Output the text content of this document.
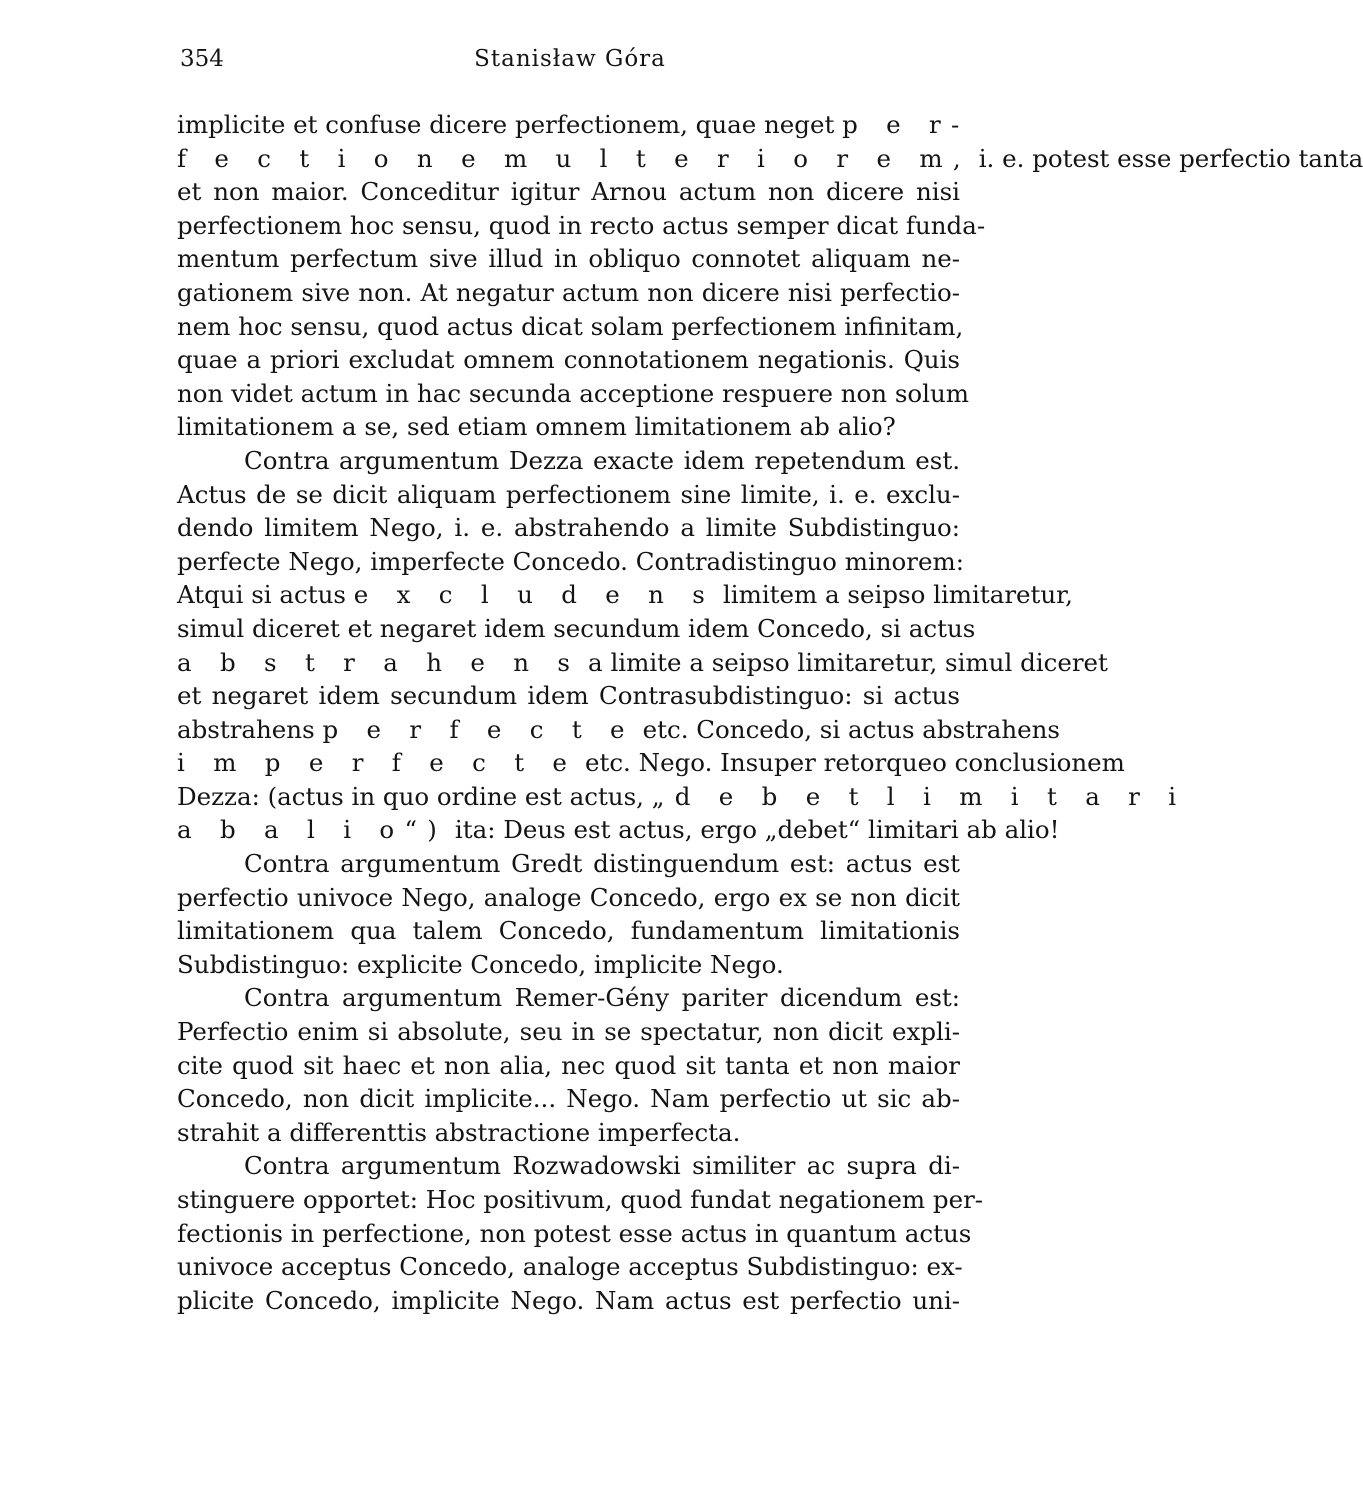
354	Stanisław Góra
implicite et confuse dicere perfectionem, quae neget p e r-
f e c t i o n e m u l t e r i o r e m, i. e. potest esse perfectio tanta
et non maior. Conceditur igitur Arnou actum non dicere nisi
perfectionem hoc sensu, quod in recto actus semper dicat funda-
mentum perfectum sive illud in obliquo connotet aliquam ne-
gationem sive non. At negatur actum non dicere nisi perfectio-
nem hoc sensu, quod actus dicat solam perfectionem infinitam,
quae a priori excludat omnem connotationem negationis. Quis
non videt actum in hac secunda acceptione respuere non solum
limitationem a se, sed etiam omnem limitationem ab alio?
Contra argumentum Dezza exacte idem repetendum est.
Actus de se dicit aliquam perfectionem sine limite, i. e. exclu-
dendo limitem Nego, i. e. abstrahendo a limite Subdistinguo:
perfecte Nego, imperfecte Concedo. Contradistinguo minorem:
Atqui si actus e x c l u d e n s limitem a seipso limitaretur,
simul diceret et negaret idem secundum idem Concedo, si actus
a b s t r a h e n s a limite a seipso limitaretur, simul diceret
et negaret idem secundum idem Contrasubdistinguo: si actus
abstrahens p e r f e c t e etc. Concedo, si actus abstrahens
i m p e r f e c t e etc. Nego. Insuper retorqueo conclusionem
Dezza: (actus in quo ordine est actus, „d e b e t l i m i t a r i
a b a l i o“) ita: Deus est actus, ergo „debet“ limitari ab alio!
Contra argumentum Gredt distinguendum est: actus est
perfectio univoce Nego, analoge Concedo, ergo ex se non dicit
limitationem qua talem Concedo, fundamentum limitationis
Subdistinguo: explicite Concedo, implicite Nego.
Contra argumentum Remer-Gény pariter dicendum est:
Perfectio enim si absolute, seu in se spectatur, non dicit expli-
cite quod sit haec et non alia, nec quod sit tanta et non maior
Concedo, non dicit implicite... Nego. Nam perfectio ut sic ab-
strahit a differenttis abstractione imperfecta.
Contra argumentum Rozwadowski similiter ac supra di-
stinguere opportet: Hoc positivum, quod fundat negationem per-
fectionis in perfectione, non potest esse actus in quantum actus
univoce acceptus Concedo, analoge acceptus Subdistinguo: ex-
plicite Concedo, implicite Nego. Nam actus est perfectio uni-
